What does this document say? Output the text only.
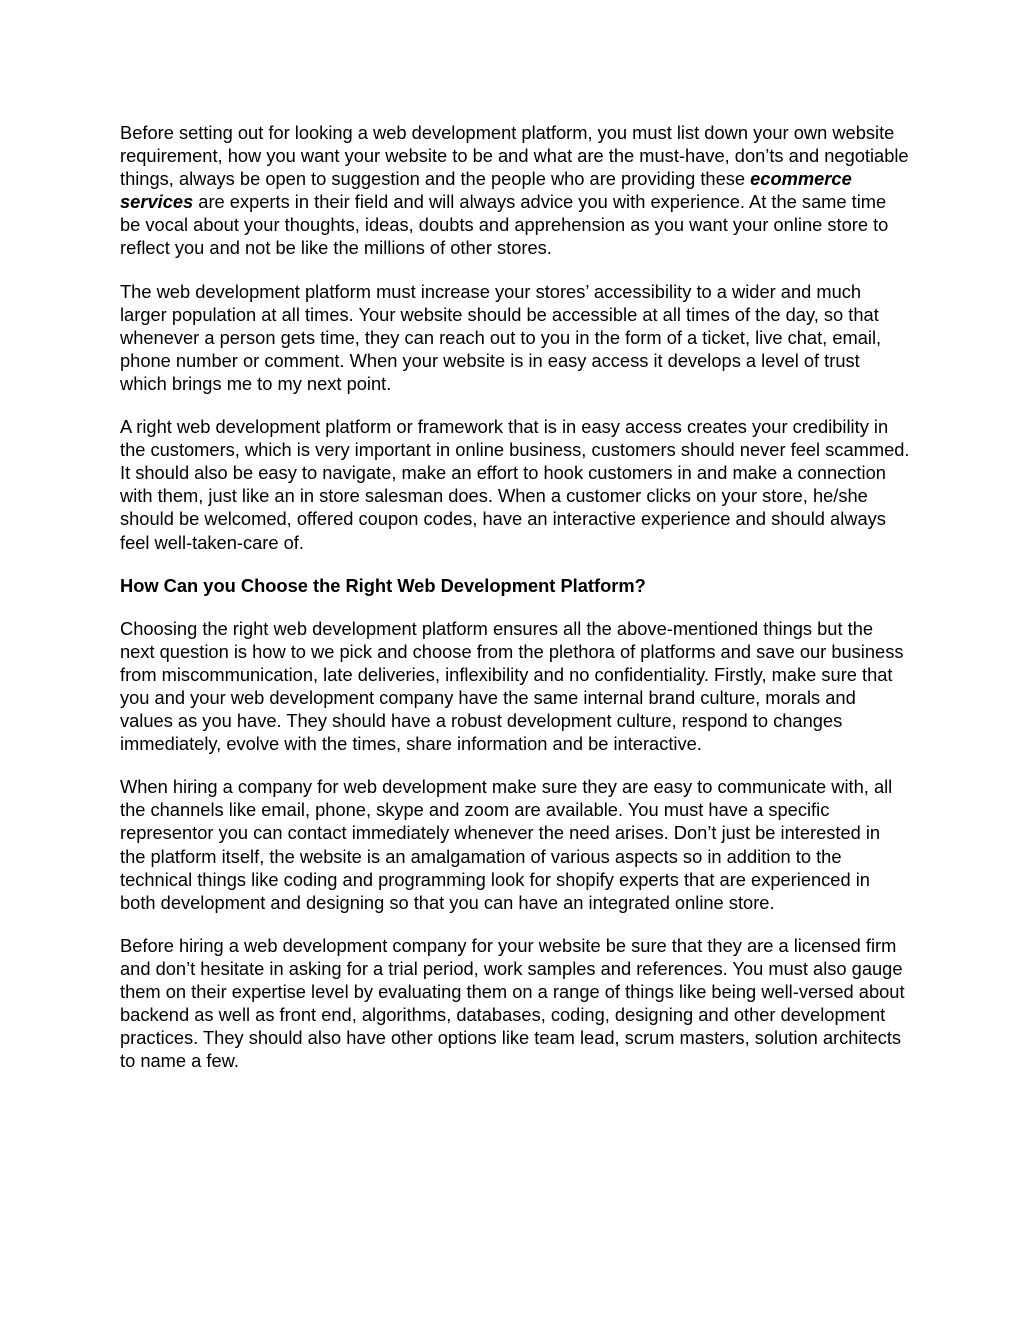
Before setting out for looking a web development platform, you must list down your own website requirement, how you want your website to be and what are the must-have, don’ts and negotiable things, always be open to suggestion and the people who are providing these ecommerce services are experts in their field and will always advice you with experience. At the same time be vocal about your thoughts, ideas, doubts and apprehension as you want your online store to reflect you and not be like the millions of other stores.

The web development platform must increase your stores’ accessibility to a wider and much larger population at all times. Your website should be accessible at all times of the day, so that whenever a person gets time, they can reach out to you in the form of a ticket, live chat, email, phone number or comment. When your website is in easy access it develops a level of trust which brings me to my next point.

A right web development platform or framework that is in easy access creates your credibility in the customers, which is very important in online business, customers should never feel scammed. It should also be easy to navigate, make an effort to hook customers in and make a connection with them, just like an in store salesman does. When a customer clicks on your store, he/she should be welcomed, offered coupon codes, have an interactive experience and should always feel well-taken-care of.

How Can you Choose the Right Web Development Platform?

Choosing the right web development platform ensures all the above-mentioned things but the next question is how to we pick and choose from the plethora of platforms and save our business from miscommunication, late deliveries, inflexibility and no confidentiality. Firstly, make sure that you and your web development company have the same internal brand culture, morals and values as you have. They should have a robust development culture, respond to changes immediately, evolve with the times, share information and be interactive.

When hiring a company for web development make sure they are easy to communicate with, all the channels like email, phone, skype and zoom are available. You must have a specific representor you can contact immediately whenever the need arises. Don’t just be interested in the platform itself, the website is an amalgamation of various aspects so in addition to the technical things like coding and programming look for shopify experts that are experienced in both development and designing so that you can have an integrated online store.

Before hiring a web development company for your website be sure that they are a licensed firm and don’t hesitate in asking for a trial period, work samples and references. You must also gauge them on their expertise level by evaluating them on a range of things like being well-versed about backend as well as front end, algorithms, databases, coding, designing and other development practices. They should also have other options like team lead, scrum masters, solution architects to name a few.
